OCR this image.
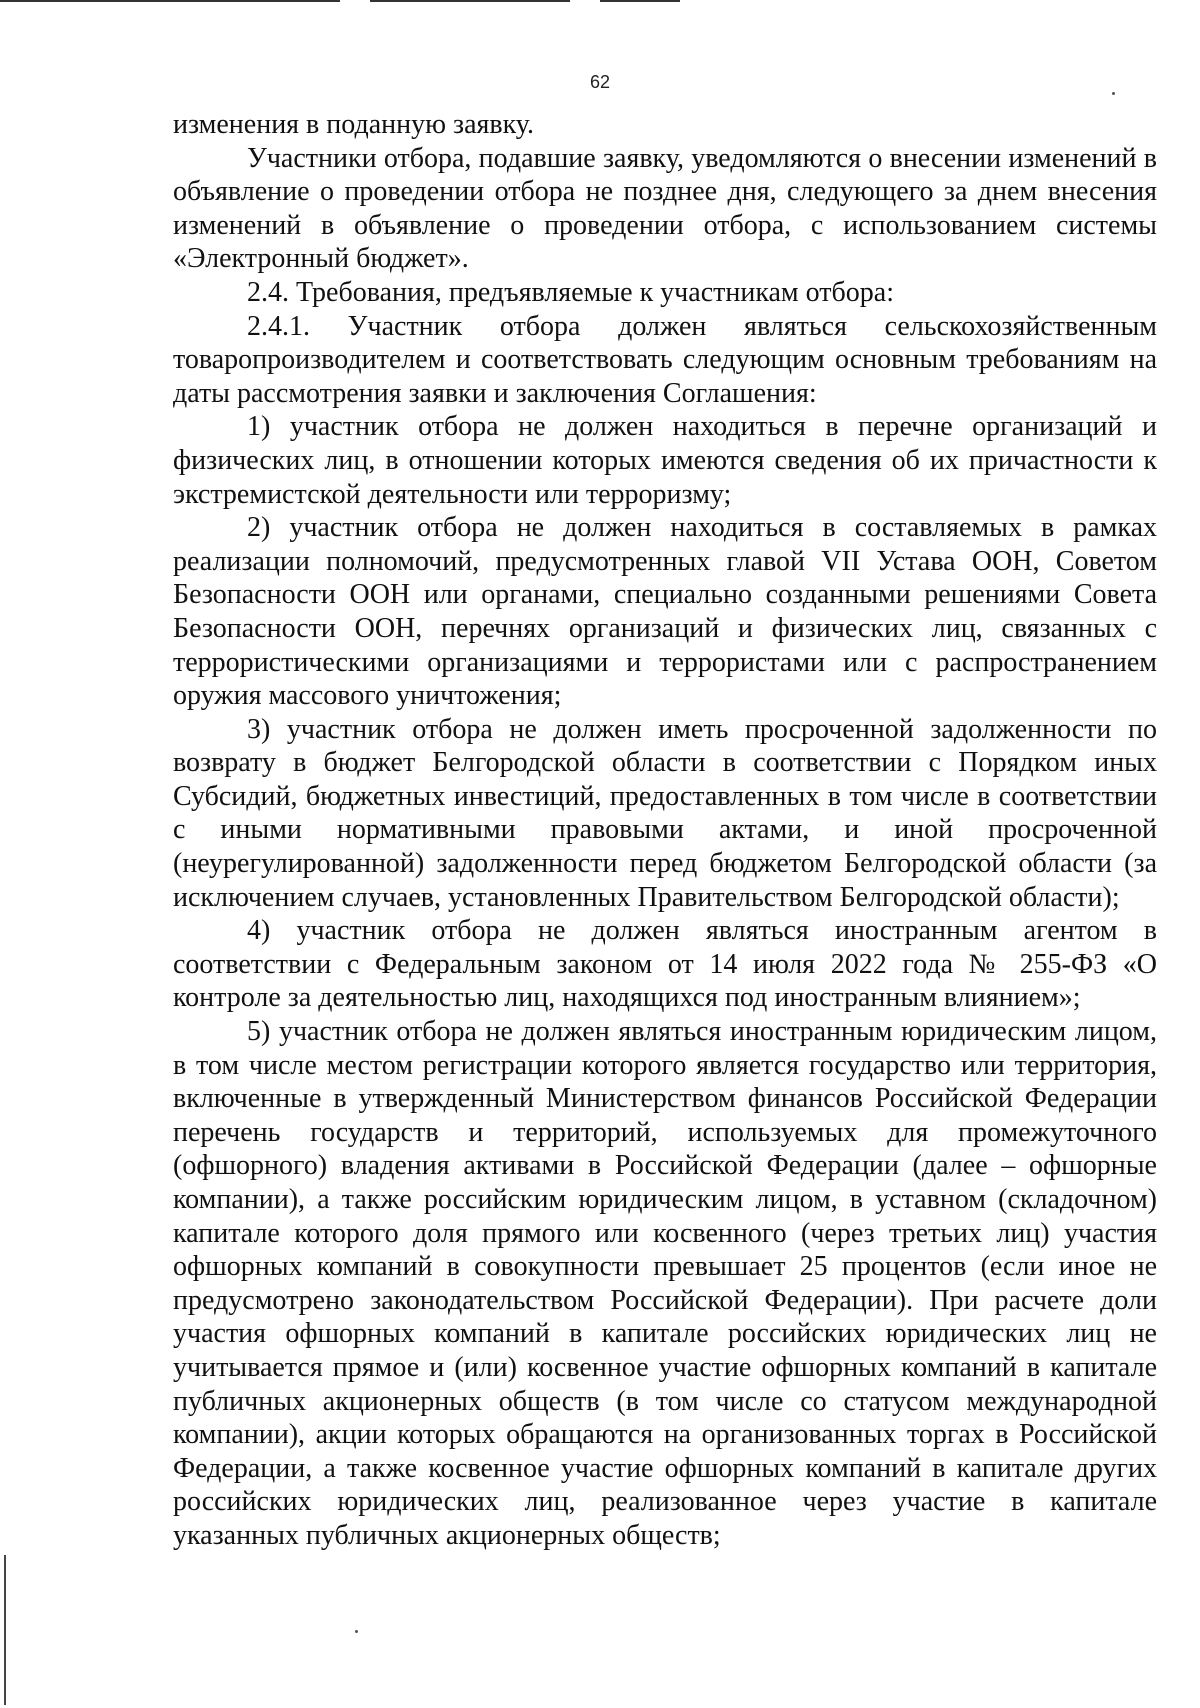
62

изменения в поданную заявку.

Участники отбора, подавшие заявку, уведомляются о внесении изменений в объявление о проведении отбора не позднее дня, следующего за днем внесения изменений в объявление о проведении отбора, с использованием системы «Электронный бюджет».

2.4. Требования, предъявляемые к участникам отбора:

2.4.1. Участник отбора должен являться сельскохозяйственным товаропроизводителем и соответствовать следующим основным требованиям на даты рассмотрения заявки и заключения Соглашения:

1) участник отбора не должен находиться в перечне организаций и физических лиц, в отношении которых имеются сведения об их причастности к экстремистской деятельности или терроризму;

2) участник отбора не должен находиться в составляемых в рамках реализации полномочий, предусмотренных главой VII Устава ООН, Советом Безопасности ООН или органами, специально созданными решениями Совета Безопасности ООН, перечнях организаций и физических лиц, связанных с террористическими организациями и террористами или с распространением оружия массового уничтожения;

3) участник отбора не должен иметь просроченной задолженности по возврату в бюджет Белгородской области в соответствии с Порядком иных Субсидий, бюджетных инвестиций, предоставленных в том числе в соответствии с иными нормативными правовыми актами, и иной просроченной (неурегулированной) задолженности перед бюджетом Белгородской области (за исключением случаев, установленных Правительством Белгородской области);

4) участник отбора не должен являться иностранным агентом в соответствии с Федеральным законом от 14 июля 2022 года № 255-ФЗ «О контроле за деятельностью лиц, находящихся под иностранным влиянием»;

5) участник отбора не должен являться иностранным юридическим лицом, в том числе местом регистрации которого является государство или территория, включенные в утвержденный Министерством финансов Российской Федерации перечень государств и территорий, используемых для промежуточного (офшорного) владения активами в Российской Федерации (далее – офшорные компании), а также российским юридическим лицом, в уставном (складочном) капитале которого доля прямого или косвенного (через третьих лиц) участия офшорных компаний в совокупности превышает 25 процентов (если иное не предусмотрено законодательством Российской Федерации). При расчете доли участия офшорных компаний в капитале российских юридических лиц не учитывается прямое и (или) косвенное участие офшорных компаний в капитале публичных акционерных обществ (в том числе со статусом международной компании), акции которых обращаются на организованных торгах в Российской Федерации, а также косвенное участие офшорных компаний в капитале других российских юридических лиц, реализованное через участие в капитале указанных публичных акционерных обществ;
